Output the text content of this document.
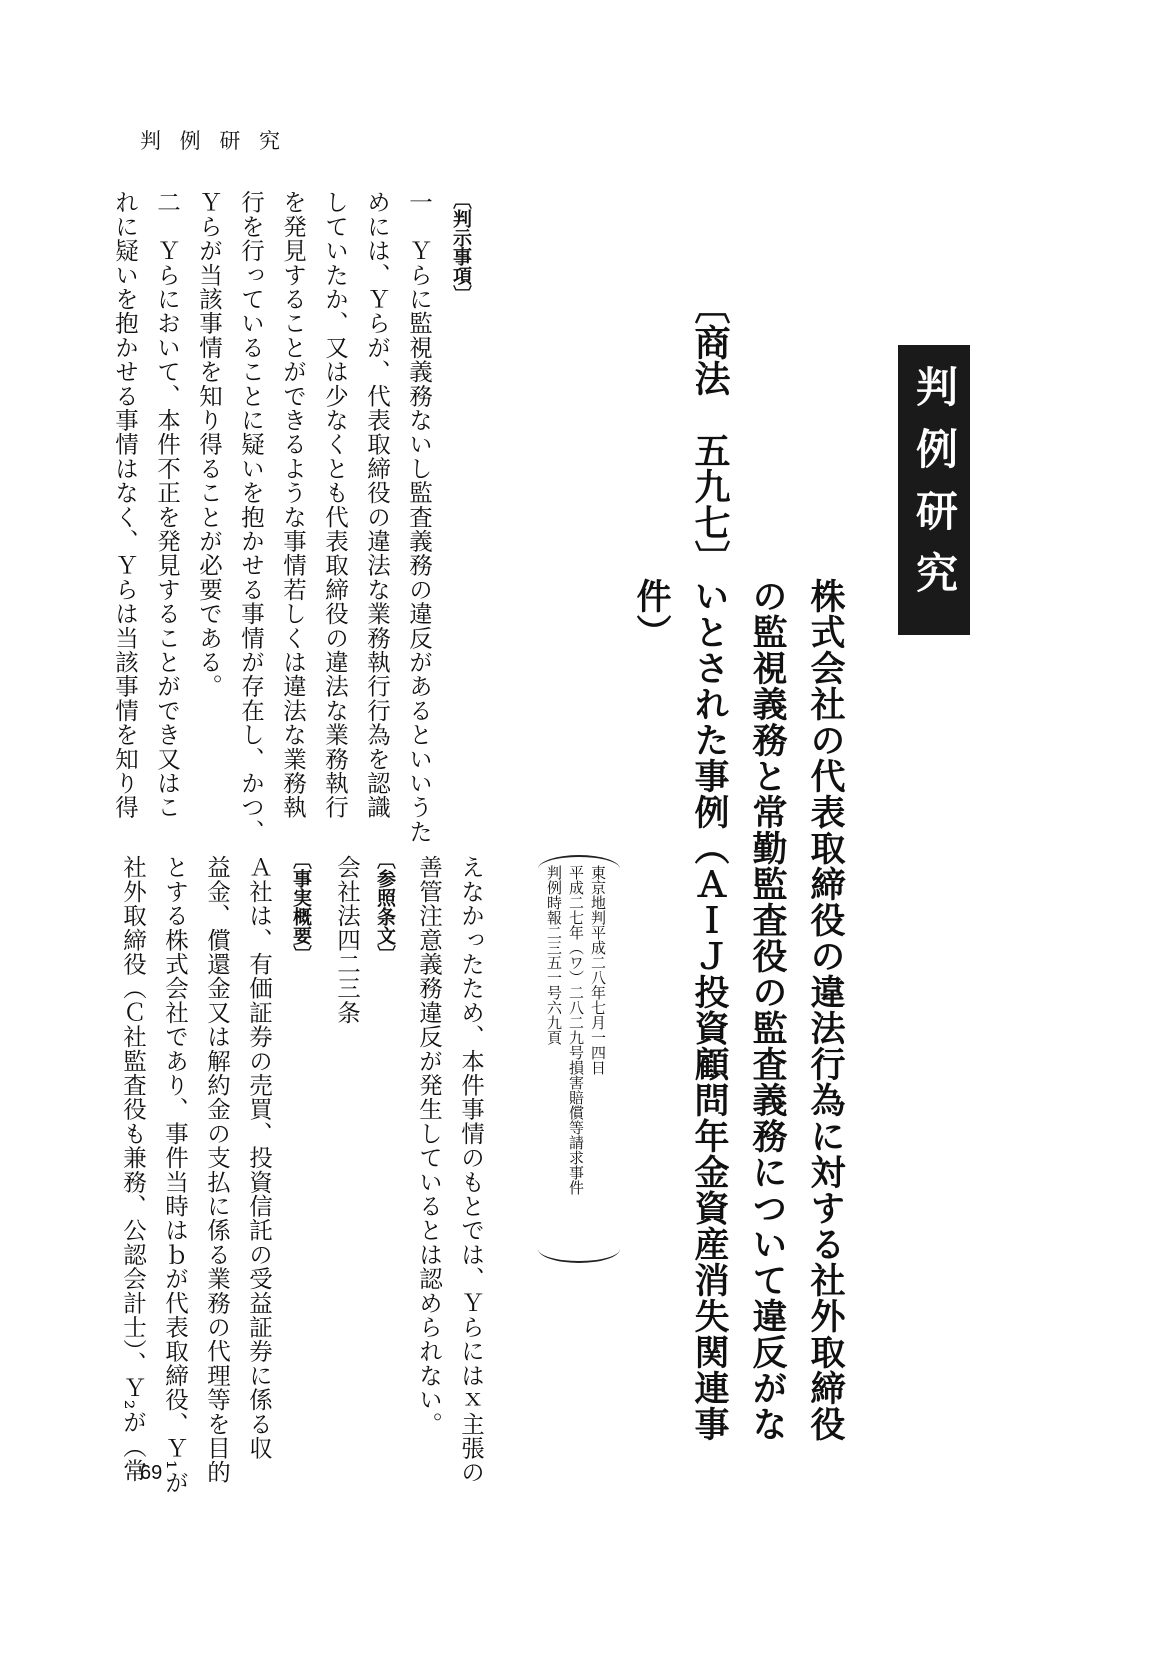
判 例 研 究
判例研究
株式会社の代表取締役の違法行為に対する社外取締役
の監視義務と常勤監査役の監査義務について違反がな
いとされた事例（ＡＩＪ投資顧問年金資産消失関連事
件）
〔商法　五九七〕
東京地判平成二八年七月一四日
平成二七年（ワ）二八二九号損害賠償等請求事件
判例時報二三五一号六九頁
〔判示事項〕
一　Ｙらに監視義務ないし監査義務の違反があるといいうた
めには、Ｙらが、代表取締役の違法な業務執行行為を認識
していたか、又は少なくとも代表取締役の違法な業務執行
を発見することができるような事情若しくは違法な業務執
行を行っていることに疑いを抱かせる事情が存在し、かつ、
Ｙらが当該事情を知り得ることが必要である。
二　Ｙらにおいて、本件不正を発見することができ又はこ
れに疑いを抱かせる事情はなく、Ｙらは当該事情を知り得
えなかったため、本件事情のもとでは、Ｙらにはｘ主張の
善管注意義務違反が発生しているとは認められない。
〔参照条文〕
会社法四二三条
〔事実概要〕
Ａ社は、有価証券の売買、投資信託の受益証券に係る収
益金、償還金又は解約金の支払に係る業務の代理等を目的
とする株式会社であり、事件当時はｂが代表取締役、Ｙ₁が
社外取締役（Ｃ社監査役も兼務、公認会計士）、Ｙ₂が（常
69
